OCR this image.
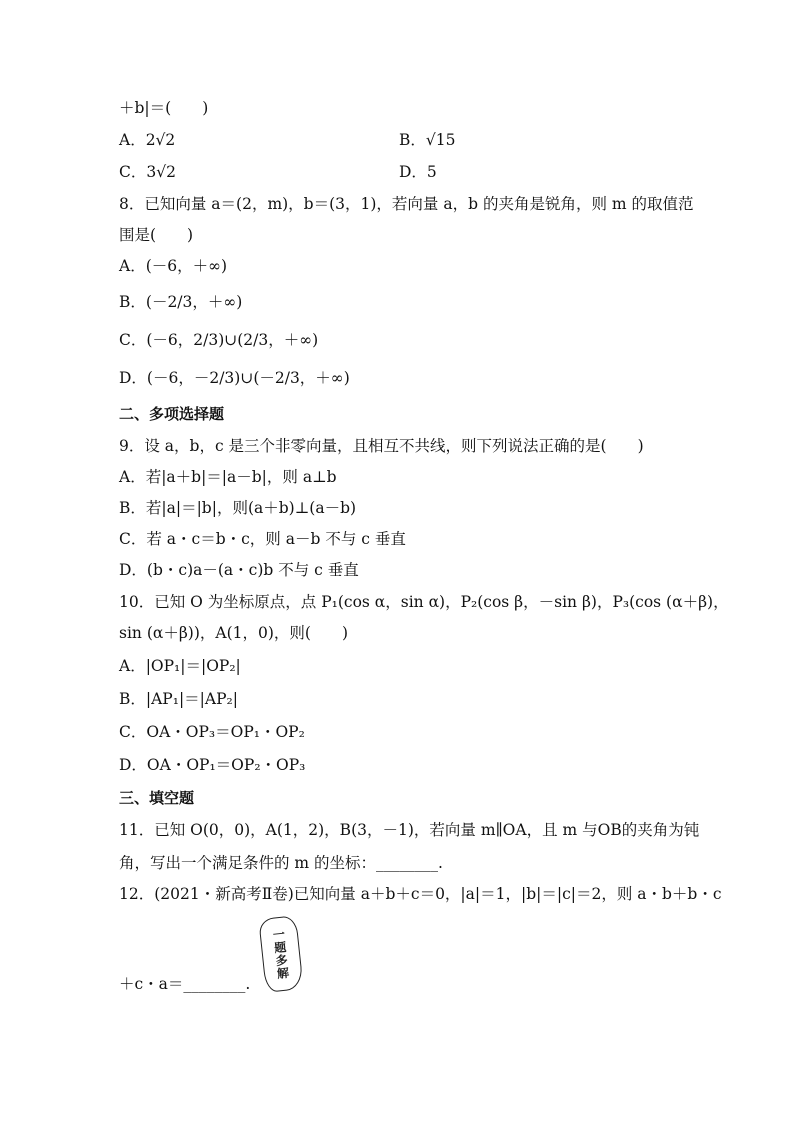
＋b|＝(　　)
A．2√2	B．√15
C．3√2	D．5
8．已知向量 a＝(2，m)，b＝(3，1)，若向量 a，b 的夹角是锐角，则 m 的取值范
围是(　　)
A．(－6，＋∞)
B．(－2/3，＋∞)
C．(－6，2/3)∪(2/3，＋∞)
D．(－6，－2/3)∪(－2/3，＋∞)
二、多项选择题
9．设 a，b，c 是三个非零向量，且相互不共线，则下列说法正确的是(　　)
A．若|a＋b|＝|a－b|，则 a⊥b
B．若|a|＝|b|，则(a＋b)⊥(a－b)
C．若 a・c＝b・c，则 a－b 不与 c 垂直
D．(b・c)a－(a・c)b 不与 c 垂直
10．已知 O 为坐标原点，点 P₁(cos α，sin α)，P₂(cos β，－sin β)，P₃(cos (α＋β)，
sin (α＋β))，A(1，0)，则(　　)
A．|OP₁|＝|OP₂|
B．|AP₁|＝|AP₂|
C．OA・OP₃＝OP₁・OP₂
D．OA・OP₁＝OP₂・OP₃
三、填空题
11．已知 O(0，0)，A(1，2)，B(3，－1)，若向量 m∥OA，且 m 与OB的夹角为钝
角，写出一个满足条件的 m 的坐标：________.
12．(2021・新高考Ⅱ卷)已知向量 a＋b＋c＝0，|a|＝1，|b|＝|c|＝2，则 a・b＋b・c
＋c・a＝________.
一题多解
